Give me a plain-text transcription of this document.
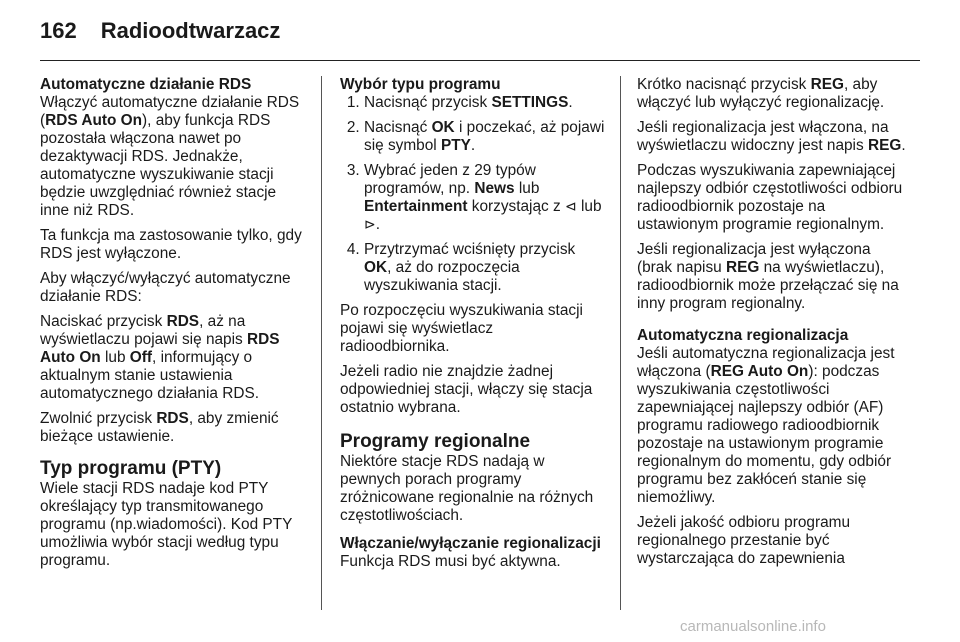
162 Radioodtwarzacz
Automatyczne działanie RDS

Włączyć automatyczne działanie RDS (RDS Auto On), aby funkcja RDS pozostała włączona nawet po dezaktywacji RDS. Jednakże, automatyczne wyszukiwanie stacji będzie uwzględniać również stacje inne niż RDS.

Ta funkcja ma zastosowanie tylko, gdy RDS jest wyłączone.

Aby włączyć/wyłączyć automatyczne działanie RDS:

Naciskać przycisk RDS, aż na wyświetlaczu pojawi się napis RDS Auto On lub Off, informujący o aktualnym stanie ustawienia automatycznego działania RDS.

Zwolnić przycisk RDS, aby zmienić bieżące ustawienie.

Typ programu (PTY)

Wiele stacji RDS nadaje kod PTY określający typ transmitowanego programu (np.wiadomości). Kod PTY umożliwia wybór stacji według typu programu.

Wybór typu programu
1. Nacisnąć przycisk SETTINGS.
2. Nacisnąć OK i poczekać, aż pojawi się symbol PTY.
3. Wybrać jeden z 29 typów programów, np. News lub Entertainment korzystając z ⊲ lub ⊳.
4. Przytrzymać wciśnięty przycisk OK, aż do rozpoczęcia wyszukiwania stacji.

Po rozpoczęciu wyszukiwania stacji pojawi się wyświetlacz radioodbiornika.

Jeżeli radio nie znajdzie żadnej odpowiedniej stacji, włączy się stacja ostatnio wybrana.

Programy regionalne

Niektóre stacje RDS nadają w pewnych porach programy zróżnicowane regionalnie na różnych częstotliwościach.

Włączanie/wyłączanie regionalizacji

Funkcja RDS musi być aktywna.

Krótko nacisnąć przycisk REG, aby włączyć lub wyłączyć regionalizację.

Jeśli regionalizacja jest włączona, na wyświetlaczu widoczny jest napis REG.

Podczas wyszukiwania zapewniającej najlepszy odbiór częstotliwości odbioru radioodbiornik pozostaje na ustawionym programie regionalnym.

Jeśli regionalizacja jest wyłączona (brak napisu REG na wyświetlaczu), radioodbiornik może przełączać się na inny program regionalny.

Automatyczna regionalizacja

Jeśli automatyczna regionalizacja jest włączona (REG Auto On): podczas wyszukiwania częstotliwości zapewniającej najlepszy odbiór (AF) programu radiowego radioodbiornik pozostaje na ustawionym programie regionalnym do momentu, gdy odbiór programu bez zakłóceń stanie się niemożliwy.

Jeżeli jakość odbioru programu regionalnego przestanie być wystarczająca do zapewnienia

carmanualsonline.info
